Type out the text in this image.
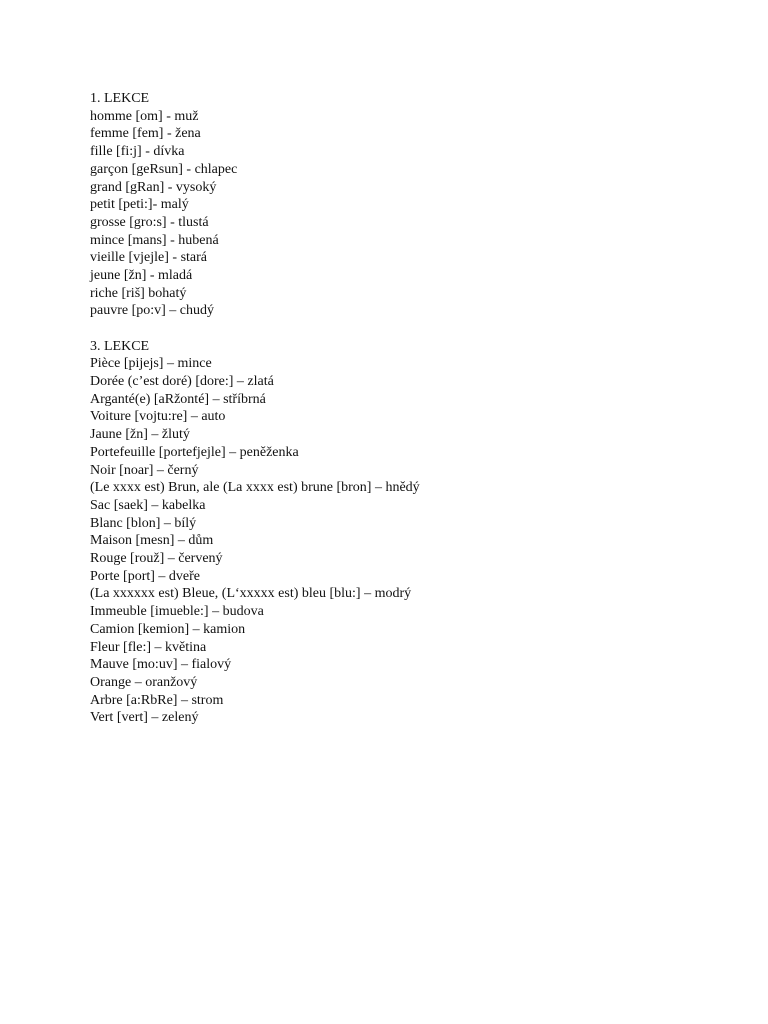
1. LEKCE
homme [om] - muž
femme [fem] - žena
fille [fi:j] - dívka
garçon [geRsun] - chlapec
grand [gRan] - vysoký
petit [peti:]- malý
grosse [gro:s] - tlustá
mince [mans] - hubená
vieille [vjejle] - stará
jeune [žn] - mladá
riche [riš] bohatý
pauvre [po:v] – chudý
3. LEKCE
Pièce [pijejs] – mince
Dorée (c’est doré) [dore:] – zlatá
Arganté(e) [aRžonté] – stříbrná
Voiture [vojtu:re] – auto
Jaune [žn] – žlutý
Portefeuille [portefjejle] – peněženka
Noir [noar] – černý
(Le xxxx est) Brun, ale (La xxxx est) brune [bron] – hnědý
Sac [saek] – kabelka
Blanc [blon] – bílý
Maison [mesn] – dům
Rouge [rouž] – červený
Porte [port] – dveře
(La xxxxxx est) Bleue, (L‘xxxxx est) bleu [blu:] – modrý
Immeuble [imueble:] – budova
Camion [kemion] – kamion
Fleur [fle:] – květina
Mauve [mo:uv] – fialový
Orange – oranžový
Arbre [a:RbRe] – strom
Vert [vert] – zelený
